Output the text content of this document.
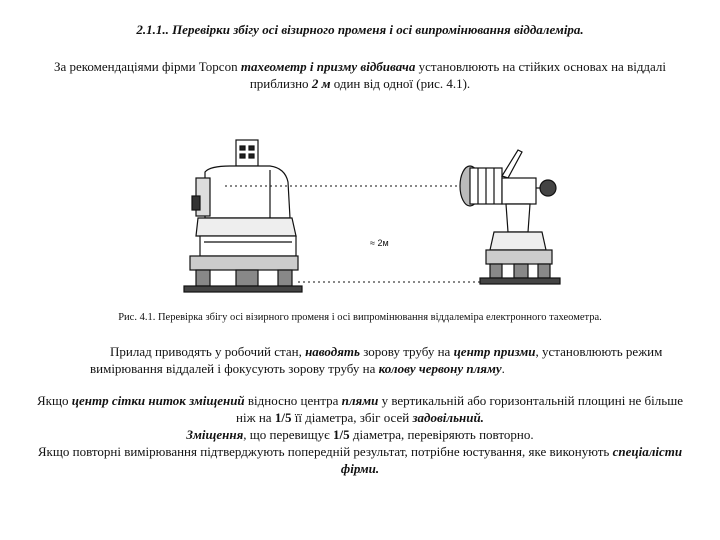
2.1.1.. Перевірки збігу осі візирного променя і осі випромінювання віддалеміра.
За рекомендаціями фірми Topcon тахеометр і призму відбивача установлюють на стійких основах на віддалі приблизно 2 м один від одної (рис. 4.1).
≈ 2м
Рис. 4.1. Перевірка збігу осі візирного променя і осі випромінювання віддалеміра електронного тахеометра.
Прилад приводять у робочий стан, наводять зорову трубу на центр призми, установлюють режим вимірювання віддалей і фокусують зорову трубу на колову червону пляму.
Якщо центр сітки ниток зміщений відносно центра плями у вертикальній або горизонтальній площині не більше ніж на 1/5 її діаметра, збіг осей задовільний.
Зміщення, що перевищує 1/5 діаметра, перевіряють повторно.
Якщо повторні вимірювання підтверджують попередній результат, потрібне юстування, яке виконують спеціалісти фірми.
